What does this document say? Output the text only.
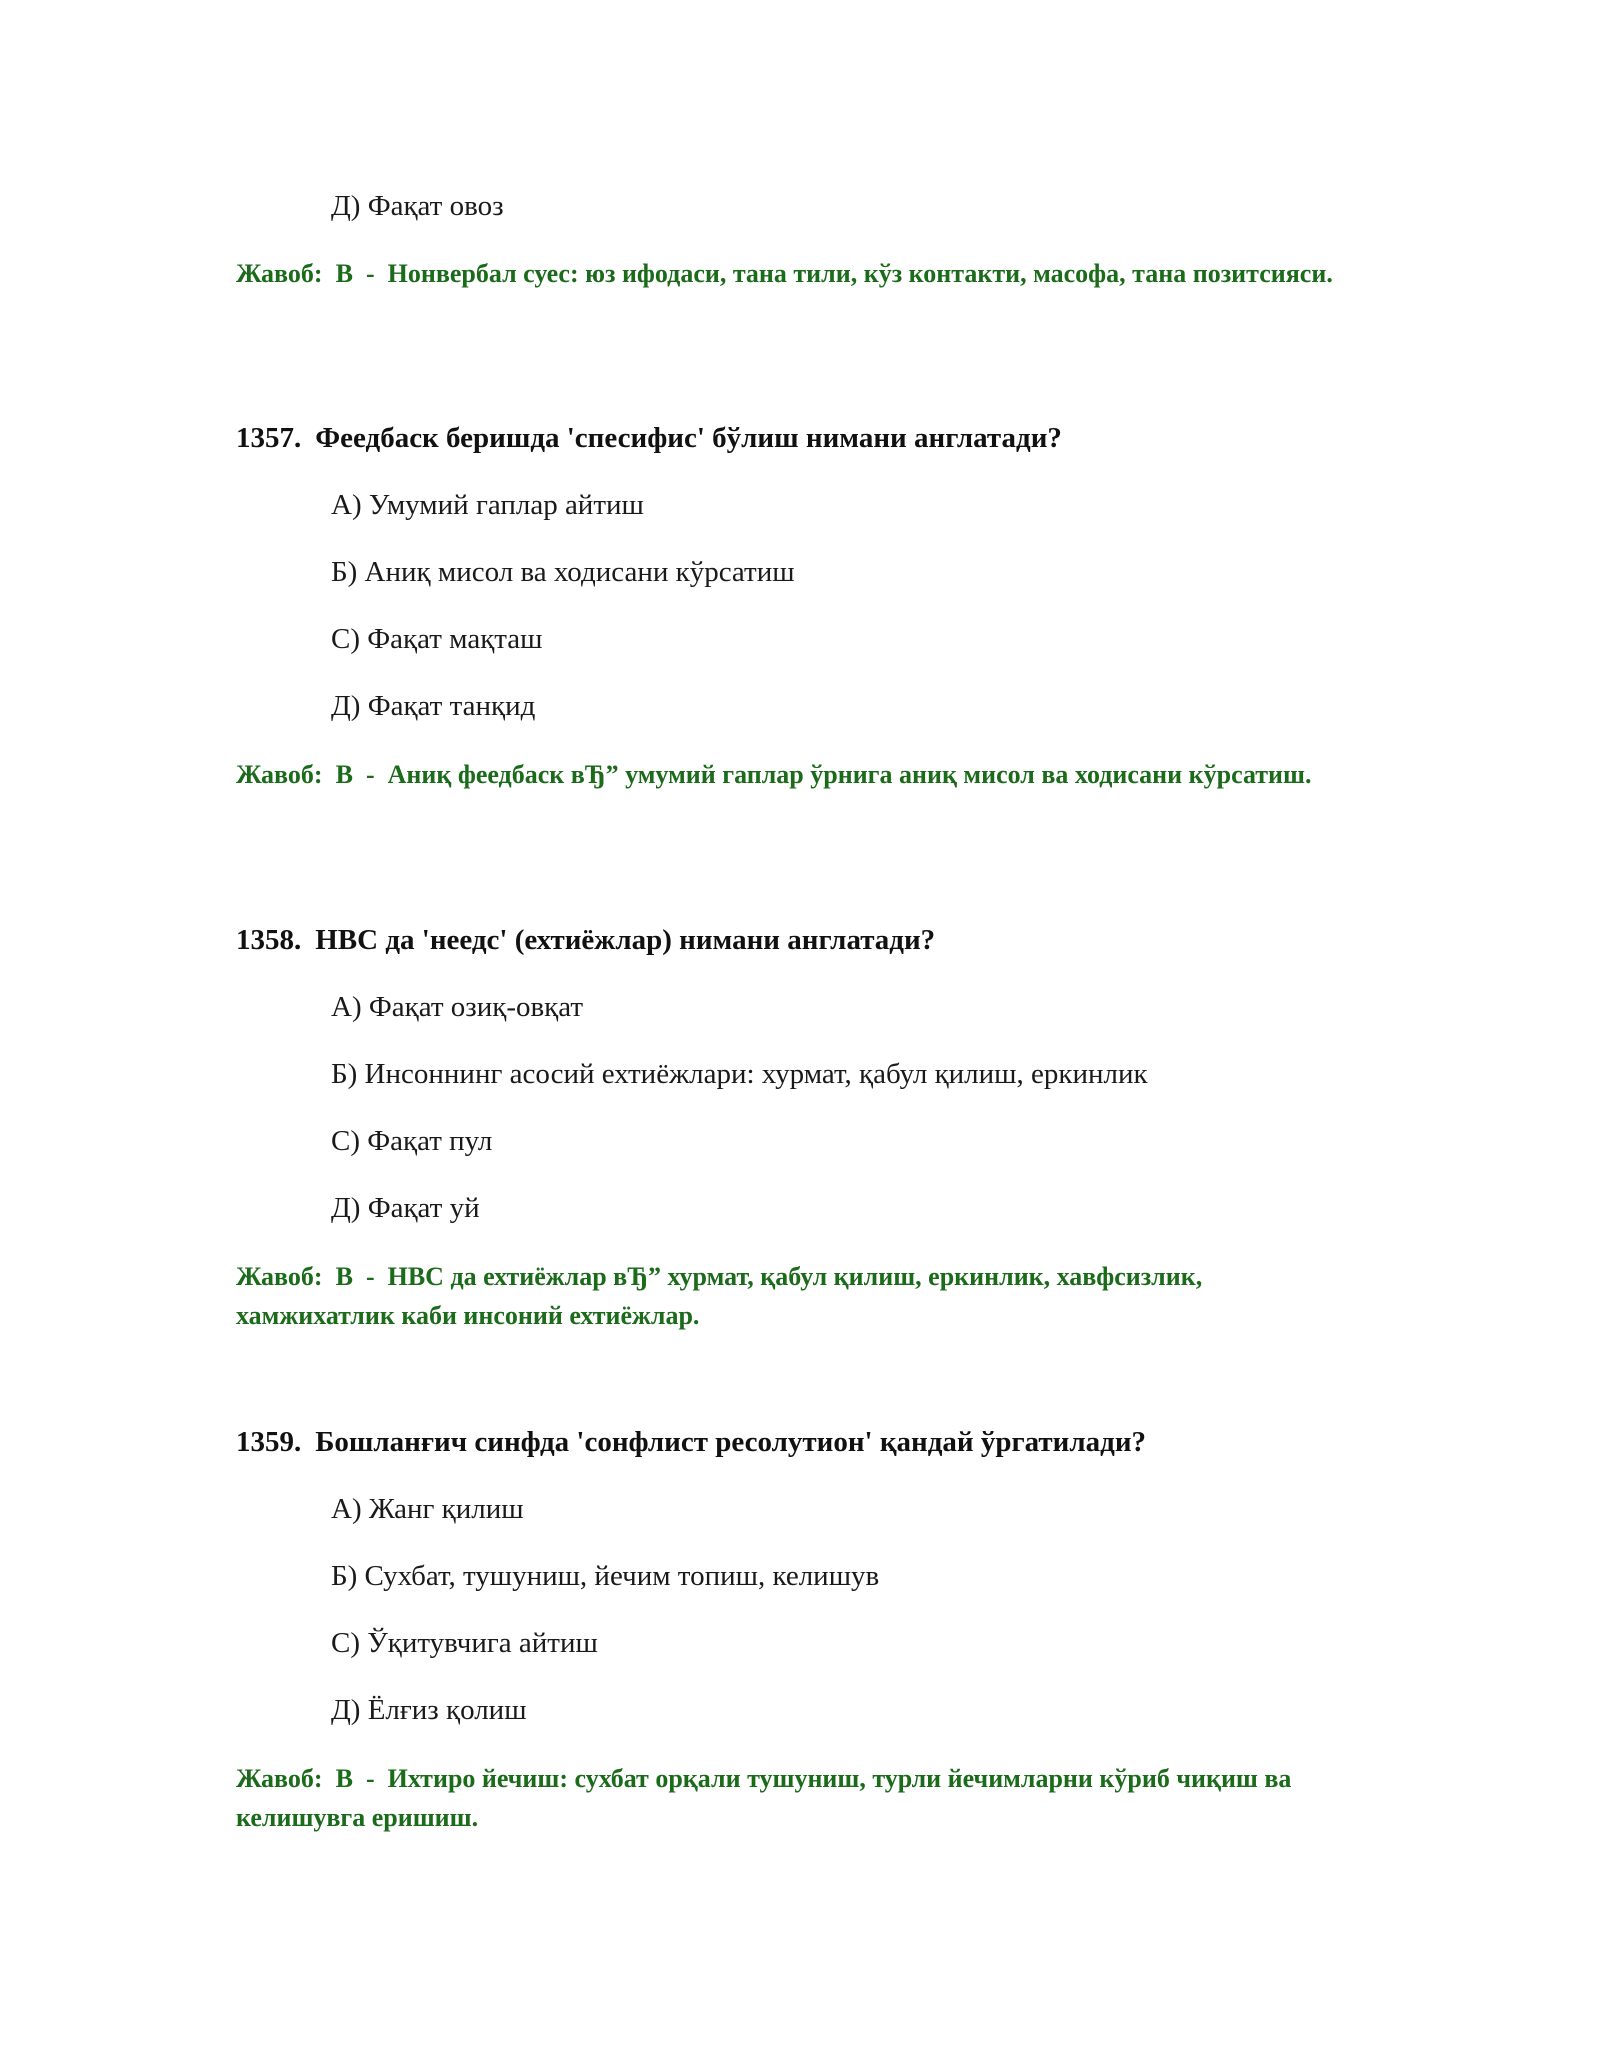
Д) Фақат овоз
Жавоб: B - Нонвербал суес: юз ифодаси, тана тили, кўз контакти, масофа, тана позитсияси.
1357. Феедбаск беришда 'спесифис' бўлиш нимани англатади?
А) Умумий гаплар айтиш
Б) Аниқ мисол ва ходисани кўрсатиш
С) Фақат мақташ
Д) Фақат танқид
Жавоб: B - Аниқ феедбаск вЂ” умумий гаплар ўрнига аниқ мисол ва ходисани кўрсатиш.
1358. НВС да 'неедс' (ехтиёжлар) нимани англатади?
А) Фақат озиқ-овқат
Б) Инсоннинг асосий ехтиёжлари: хурмат, қабул қилиш, еркинлик
С) Фақат пул
Д) Фақат уй
Жавоб: B - НВС да ехтиёжлар вЂ” хурмат, қабул қилиш, еркинлик, хавфсизлик, хамжихатлик каби инсоний ехтиёжлар.
1359. Бошланғич синфда 'сонфлист ресолутион' қандай ўргатилади?
А) Жанг қилиш
Б) Сухбат, тушуниш, йечим топиш, келишув
С) Ўқитувчига айтиш
Д) Ёлғиз қолиш
Жавоб: B - Ихтиро йечиш: сухбат орқали тушуниш, турли йечимларни кўриб чиқиш ва келишувга еришиш.
